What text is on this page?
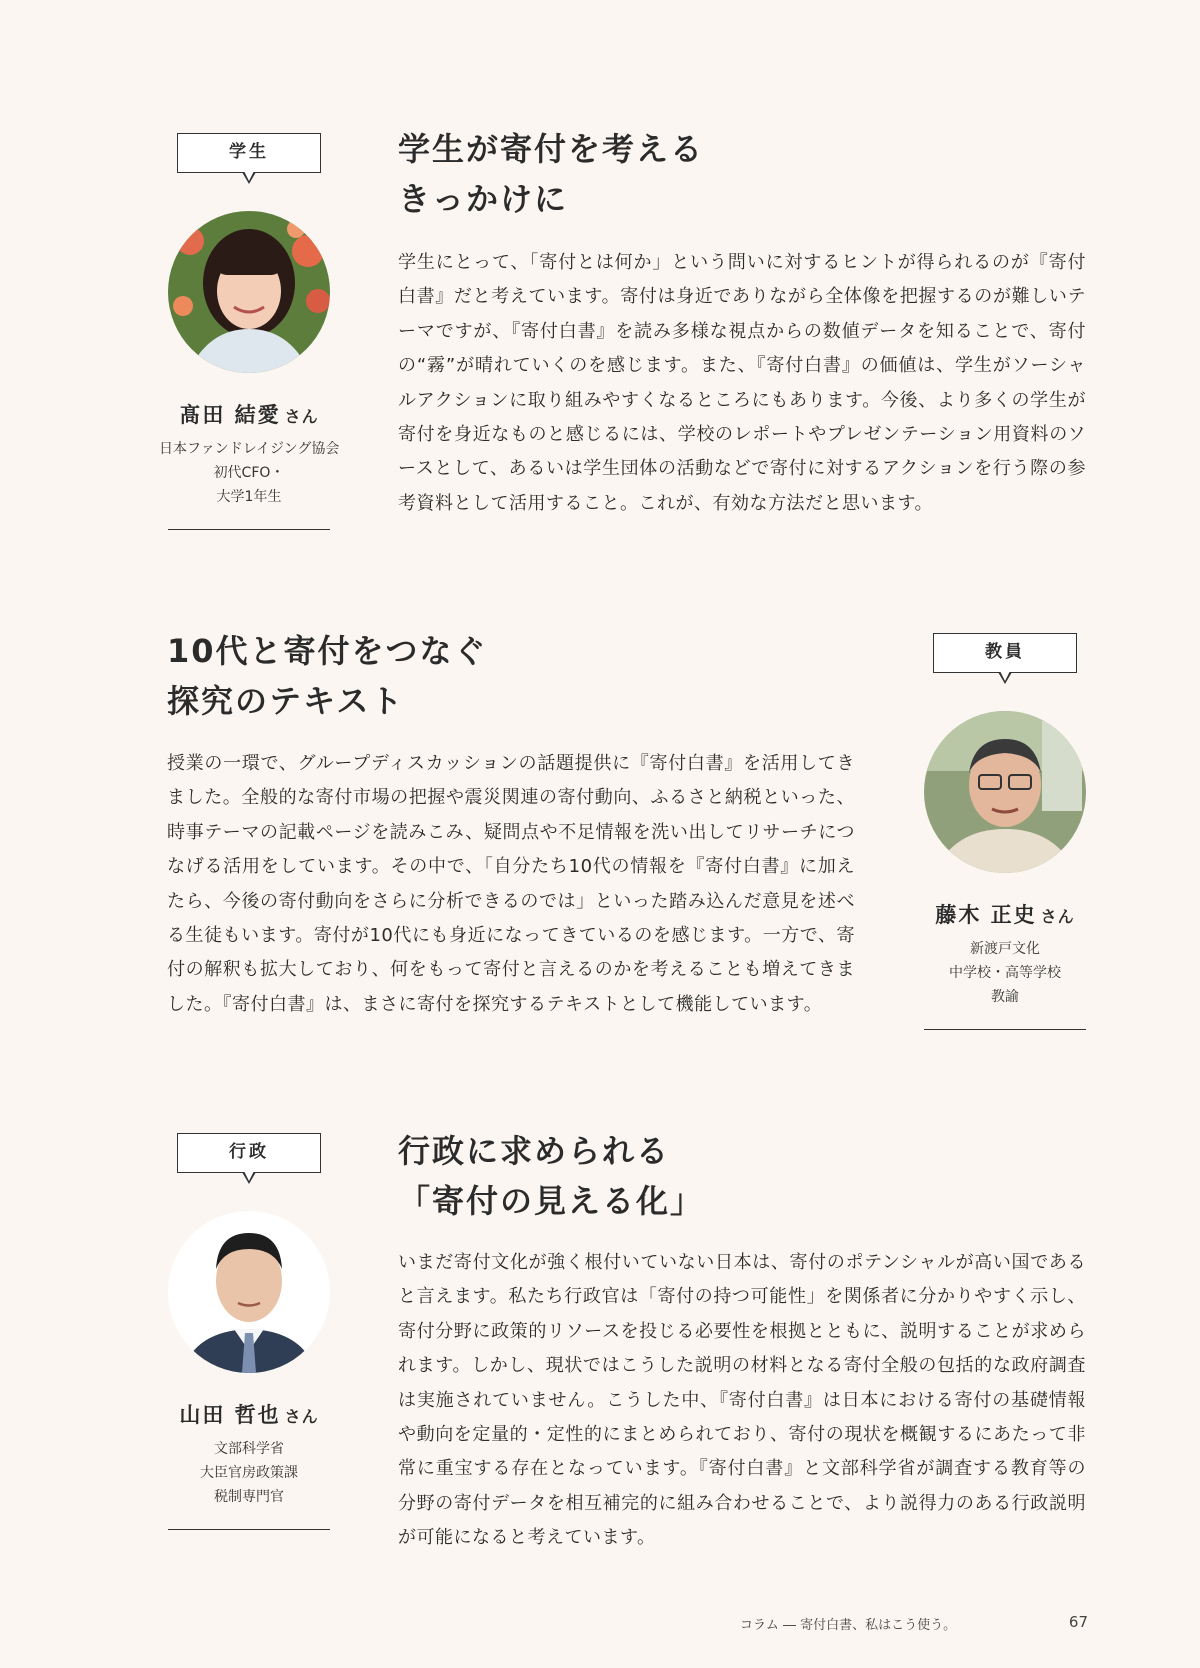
学生
髙田 結愛 さん
日本ファンドレイジング協会
初代CFO・
大学1年生
学生が寄付を考える
きっかけに
学生にとって、「寄付とは何か」という問いに対するヒントが得られるのが『寄付白書』だと考えています。寄付は身近でありながら全体像を把握するのが難しいテーマですが、『寄付白書』を読み多様な視点からの数値データを知ることで、寄付の“霧”が晴れていくのを感じます。また、『寄付白書』の価値は、学生がソーシャルアクションに取り組みやすくなるところにもあります。今後、より多くの学生が寄付を身近なものと感じるには、学校のレポートやプレゼンテーション用資料のソースとして、あるいは学生団体の活動などで寄付に対するアクションを行う際の参考資料として活用すること。これが、有効な方法だと思います。
10代と寄付をつなぐ
探究のテキスト
授業の一環で、グループディスカッションの話題提供に『寄付白書』を活用してきました。全般的な寄付市場の把握や震災関連の寄付動向、ふるさと納税といった、時事テーマの記載ページを読みこみ、疑問点や不足情報を洗い出してリサーチにつなげる活用をしています。その中で、「自分たち10代の情報を『寄付白書』に加えたら、今後の寄付動向をさらに分析できるのでは」といった踏み込んだ意見を述べる生徒もいます。寄付が10代にも身近になってきているのを感じます。一方で、寄付の解釈も拡大しており、何をもって寄付と言えるのかを考えることも増えてきました。『寄付白書』は、まさに寄付を探究するテキストとして機能しています。
教員
藤木 正史 さん
新渡戸文化
中学校・高等学校
教諭
行政
山田 哲也 さん
文部科学省
大臣官房政策課
税制専門官
行政に求められる
「寄付の見える化」
いまだ寄付文化が強く根付いていない日本は、寄付のポテンシャルが高い国であると言えます。私たち行政官は「寄付の持つ可能性」を関係者に分かりやすく示し、寄付分野に政策的リソースを投じる必要性を根拠とともに、説明することが求められます。しかし、現状ではこうした説明の材料となる寄付全般の包括的な政府調査は実施されていません。こうした中、『寄付白書』は日本における寄付の基礎情報や動向を定量的・定性的にまとめられており、寄付の現状を概観するにあたって非常に重宝する存在となっています。『寄付白書』と文部科学省が調査する教育等の分野の寄付データを相互補完的に組み合わせることで、より説得力のある行政説明が可能になると考えています。
コラム ― 寄付白書、私はこう使う。	67
